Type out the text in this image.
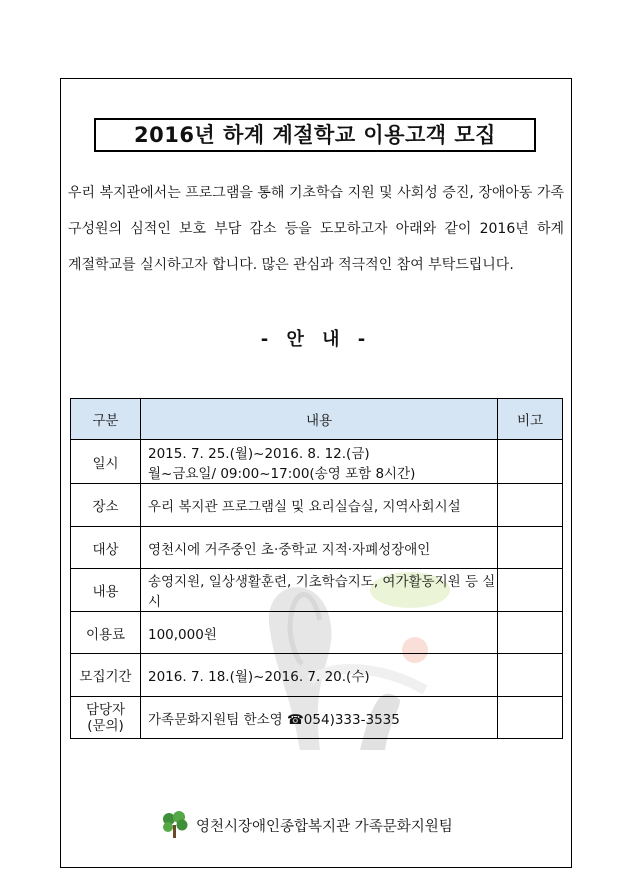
2016년 하계 계절학교 이용고객 모집
우리 복지관에서는 프로그램을 통해 기초학습 지원 및 사회성 증진, 장애아동 가족 구성원의 심적인 보호 부담 감소 등을 도모하고자 아래와 같이 2016년 하계 계절학교를 실시하고자 합니다. 많은 관심과 적극적인 참여 부탁드립니다.
- 안 내 -
구분	내용	비고
일시	2015. 7. 25.(월)~2016. 8. 12.(금)
월~금요일/ 09:00~17:00(송영 포함 8시간)	

장소	우리 복지관 프로그램실 및 요리실습실, 지역사회시설	
대상	영천시에 거주중인 초·중학교 지적·자폐성장애인	
내용	송영지원, 일상생활훈련, 기초학습지도, 여가활동지원 등 실시	
이용료	100,000원	
모집기간	2016. 7. 18.(월)~2016. 7. 20.(수)	
담당자
(문의)	가족문화지원팀 한소영 ☎054)333-3535	
영천시장애인종합복지관 가족문화지원팀
